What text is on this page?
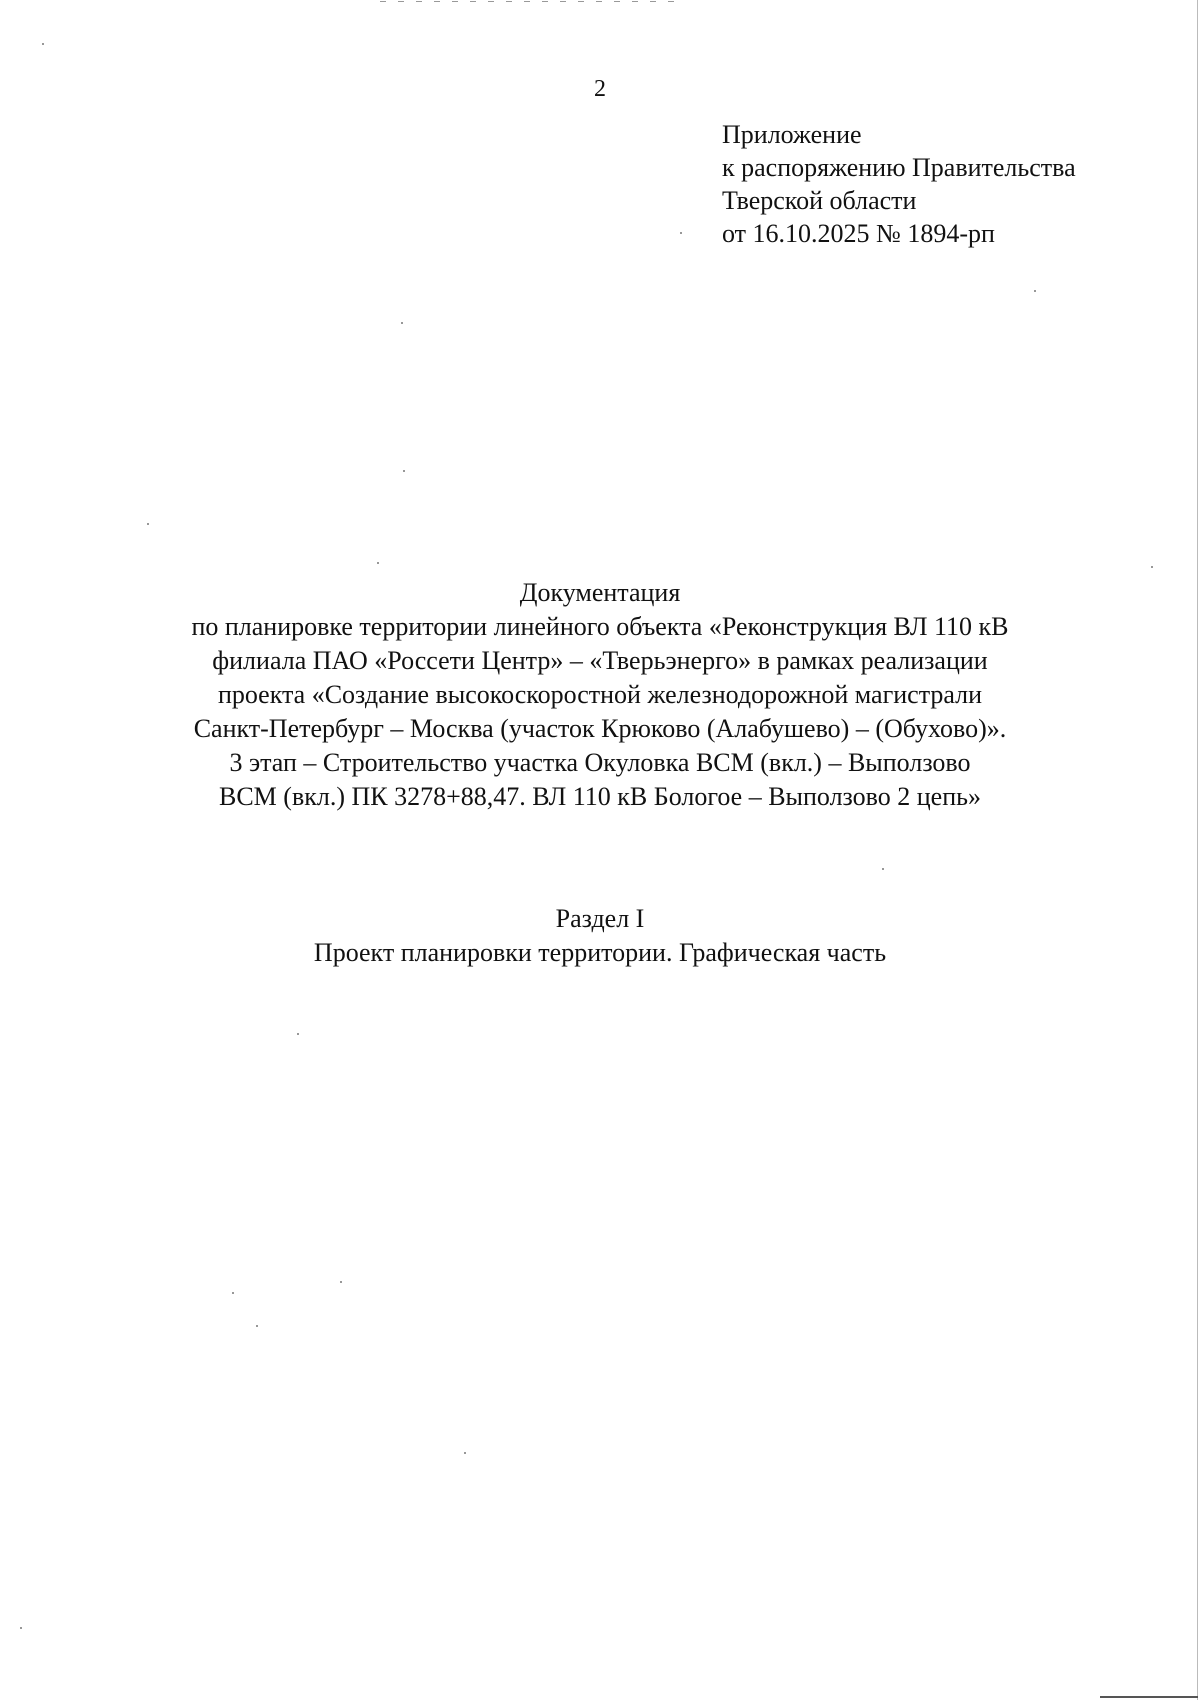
2
Приложение
к распоряжению Правительства
Тверской области
от 16.10.2025 № 1894-рп
Документация
по планировке территории линейного объекта «Реконструкция ВЛ 110 кВ
филиала ПАО «Россети Центр» – «Тверьэнерго» в рамках реализации
проекта «Создание высокоскоростной железнодорожной магистрали
Санкт-Петербург – Москва (участок Крюково (Алабушево) – (Обухово)».
3 этап – Строительство участка Окуловка ВСМ (вкл.) – Выползово
ВСМ (вкл.) ПК 3278+88,47. ВЛ 110 кВ Бологое – Выползово 2 цепь»
Раздел I
Проект планировки территории. Графическая часть
